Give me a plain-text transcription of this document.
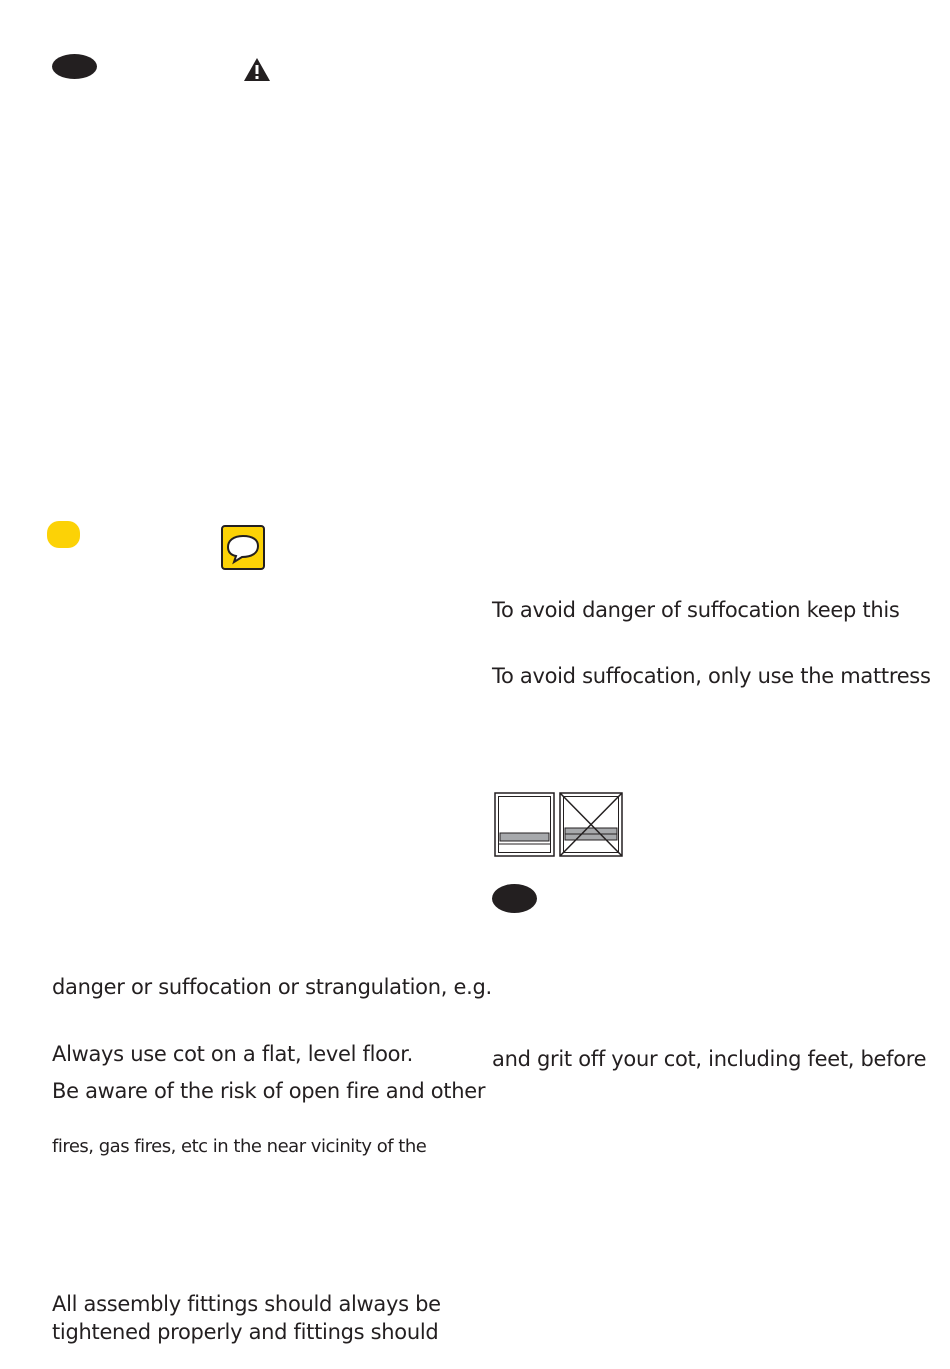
To avoid danger of suffocation keep this
To avoid suffocation, only use the mattress
danger or suffocation or strangulation, e.g.
Always use cot on a flat, level floor.
Be aware of the risk of open fire and other
fires, gas fires, etc in the near vicinity of the
and grit off your cot, including feet, before
All assembly fittings should always be
tightened properly and fittings should
